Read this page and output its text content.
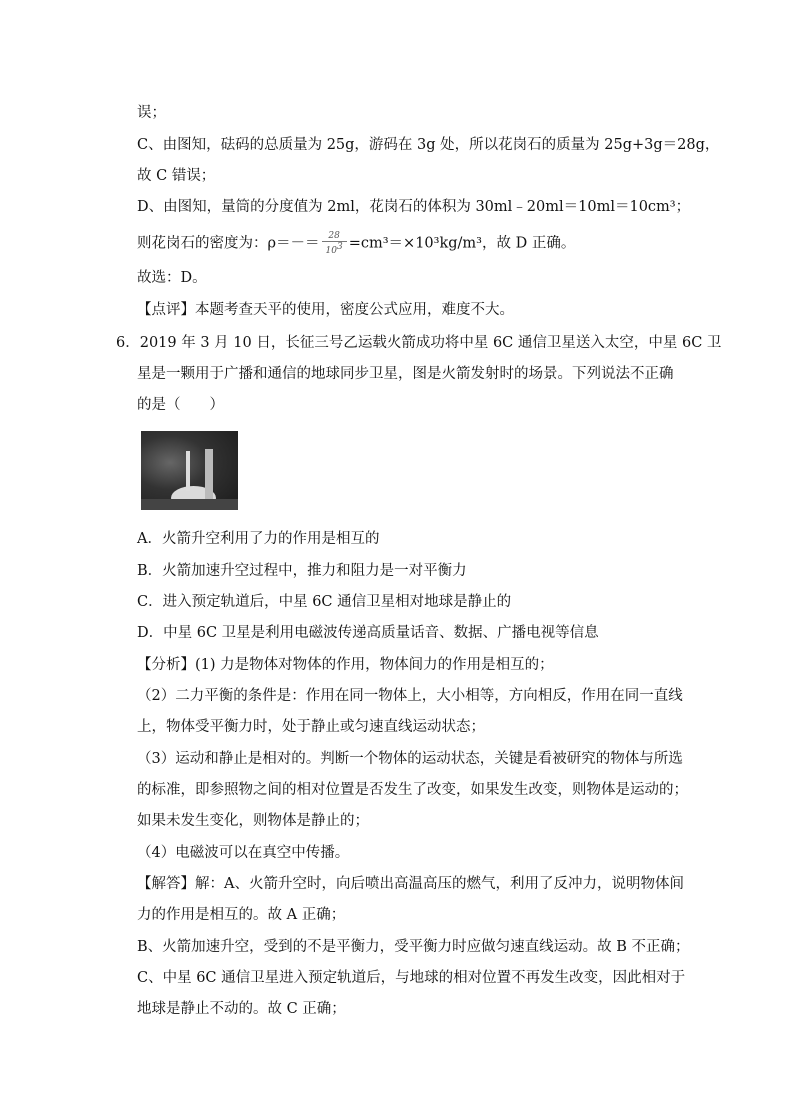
误；
C、由图知，砝码的总质量为 25g，游码在 3g 处，所以花岗石的质量为 25g+3g＝28g，
故 C 错误；
D、由图知，量筒的分度值为 2ml，花岗石的体积为 30ml﹣20ml＝10ml＝10cm³；
则花岗石的密度为：$\rho=-= \frac{28}{103} =cm^3=\times 10^3kg/m^3$，故 D 正确。
故选：D。
【点评】本题考查天平的使用，密度公式应用，难度不大。
6．2019 年 3 月 10 日，长征三号乙运载火箭成功将中星 6C 通信卫星送入太空，中星 6C 卫
星是一颗用于广播和通信的地球同步卫星，图是火箭发射时的场景。下列说法不正确
的是（　　）
A．火箭升空利用了力的作用是相互的
B．火箭加速升空过程中，推力和阻力是一对平衡力
C．进入预定轨道后，中星 6C 通信卫星相对地球是静止的
D．中星 6C 卫星是利用电磁波传递高质量话音、数据、广播电视等信息
【分析】(1) 力是物体对物体的作用，物体间力的作用是相互的；
（2）二力平衡的条件是：作用在同一物体上，大小相等，方向相反，作用在同一直线
上，物体受平衡力时，处于静止或匀速直线运动状态；
（3）运动和静止是相对的。判断一个物体的运动状态，关键是看被研究的物体与所选
的标准，即参照物之间的相对位置是否发生了改变，如果发生改变，则物体是运动的；
如果未发生变化，则物体是静止的；
（4）电磁波可以在真空中传播。
【解答】解：A、火箭升空时，向后喷出高温高压的燃气，利用了反冲力，说明物体间
力的作用是相互的。故 A 正确；
B、火箭加速升空，受到的不是平衡力，受平衡力时应做匀速直线运动。故 B 不正确；
C、中星 6C 通信卫星进入预定轨道后，与地球的相对位置不再发生改变，因此相对于
地球是静止不动的。故 C 正确；
